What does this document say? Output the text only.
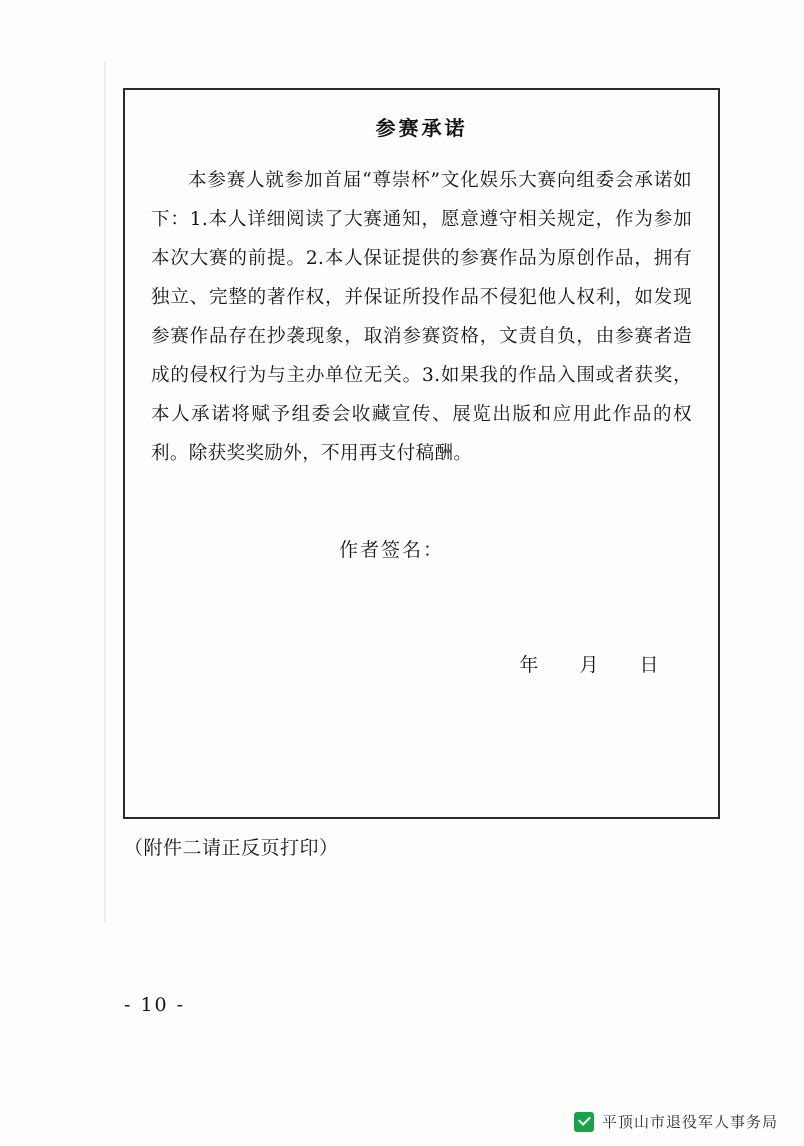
参赛承诺
本参赛人就参加首届“尊崇杯”文化娱乐大赛向组委会承诺如下：1.本人详细阅读了大赛通知，愿意遵守相关规定，作为参加本次大赛的前提。2.本人保证提供的参赛作品为原创作品，拥有独立、完整的著作权，并保证所投作品不侵犯他人权利，如发现参赛作品存在抄袭现象，取消参赛资格，文责自负，由参赛者造成的侵权行为与主办单位无关。3.如果我的作品入围或者获奖，本人承诺将赋予组委会收藏宣传、展览出版和应用此作品的权利。除获奖奖励外，不用再支付稿酬。
作者签名：
年 月 日
（附件二请正反页打印）
- 10 -
平顶山市退役军人事务局
